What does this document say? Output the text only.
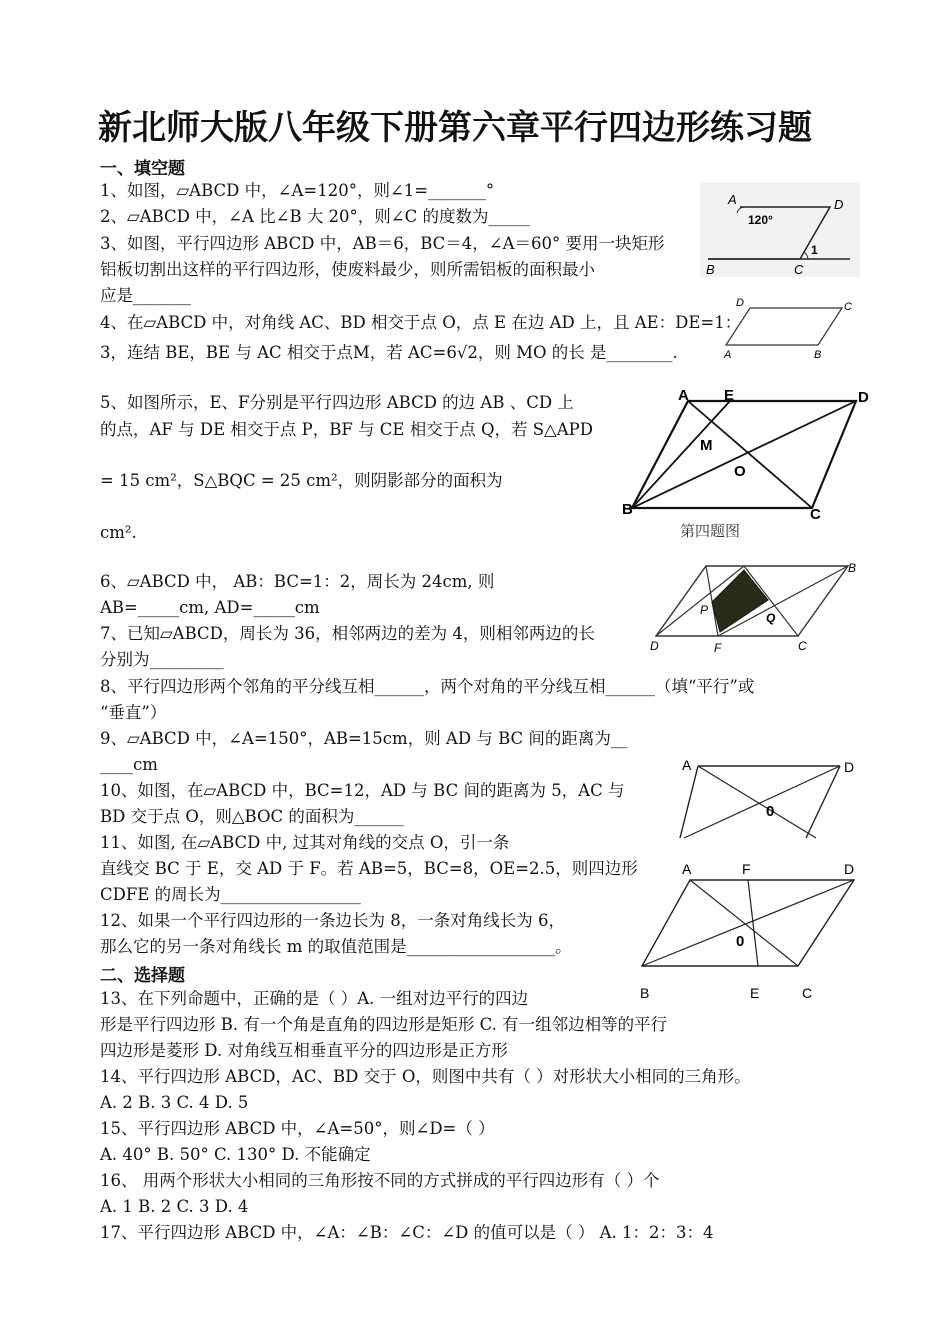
新北师大版八年级下册第六章平行四边形练习题
一、填空题
1、如图，▱ABCD 中，∠A=120°，则∠1=_______°
2、▱ABCD 中，∠A 比∠B 大 20°，则∠C 的度数为_____
3、如图，平行四边形 ABCD 中，AB＝6，BC＝4，∠A＝60° 要用一块矩形
铝板切割出这样的平行四边形，使废料最少，则所需铝板的面积最小
应是_______
4、在▱ABCD 中，对角线 AC、BD 相交于点 O，点 E 在边 AD 上，且 AE：DE=1：
3，连结 BE，BE 与 AC 相交于点M，若 AC=6√2，则 MO 的长 是________.
5、如图所示，E、F分别是平行四边形 ABCD 的边 AB 、CD 上
的点，AF 与 DE 相交于点 P，BF 与 CE 相交于点 Q，若 S△APD
= 15 cm²，S△BQC = 25 cm²，则阴影部分的面积为
cm².
6、▱ABCD 中， AB：BC=1：2，周长为 24cm, 则
AB=_____cm, AD=_____cm
7、已知▱ABCD，周长为 36，相邻两边的差为 4，则相邻两边的长
分别为_________
8、平行四边形两个邻角的平分线互相______，两个对角的平分线互相______（填“平行”或
“垂直”）
9、▱ABCD 中，∠A=150°，AB=15cm，则 AD 与 BC 间的距离为__
____cm
10、如图，在▱ABCD 中，BC=12，AD 与 BC 间的距离为 5，AC 与
BD 交于点 O，则△BOC 的面积为______
11、如图, 在▱ABCD 中, 过其对角线的交点 O，引一条
直线交 BC 于 E，交 AD 于 F。若 AB=5，BC=8，OE=2.5，则四边形
CDFE 的周长为_________________
12、如果一个平行四边形的一条边长为 8，一条对角线长为 6，
那么它的另一条对角线长 m 的取值范围是__________________。
二、选择题
13、在下列命题中，正确的是（ ）A. 一组对边平行的四边
形是平行四边形 B. 有一个角是直角的四边形是矩形 C. 有一组邻边相等的平行
四边形是菱形 D. 对角线互相垂直平分的四边形是正方形
14、平行四边形 ABCD，AC、BD 交于 O，则图中共有（ ）对形状大小相同的三角形。
A. 2 B. 3 C. 4 D. 5
15、平行四边形 ABCD 中，∠A=50°，则∠D=（ ）
A. 40° B. 50° C. 130° D. 不能确定
16、 用两个形状大小相同的三角形按不同的方式拼成的平行四边形有（ ）个
A. 1 B. 2 C. 3 D. 4
17、平行四边形 ABCD 中，∠A：∠B：∠C：∠D 的值可以是（ ） A. 1：2：3：4
A	D
B	C
120°
1
D	C
A	B
A E	D
M
O
B	C
第四题图
B
P
Q
D	F	C
A	D
0
A	F	D
0
B	E	C
